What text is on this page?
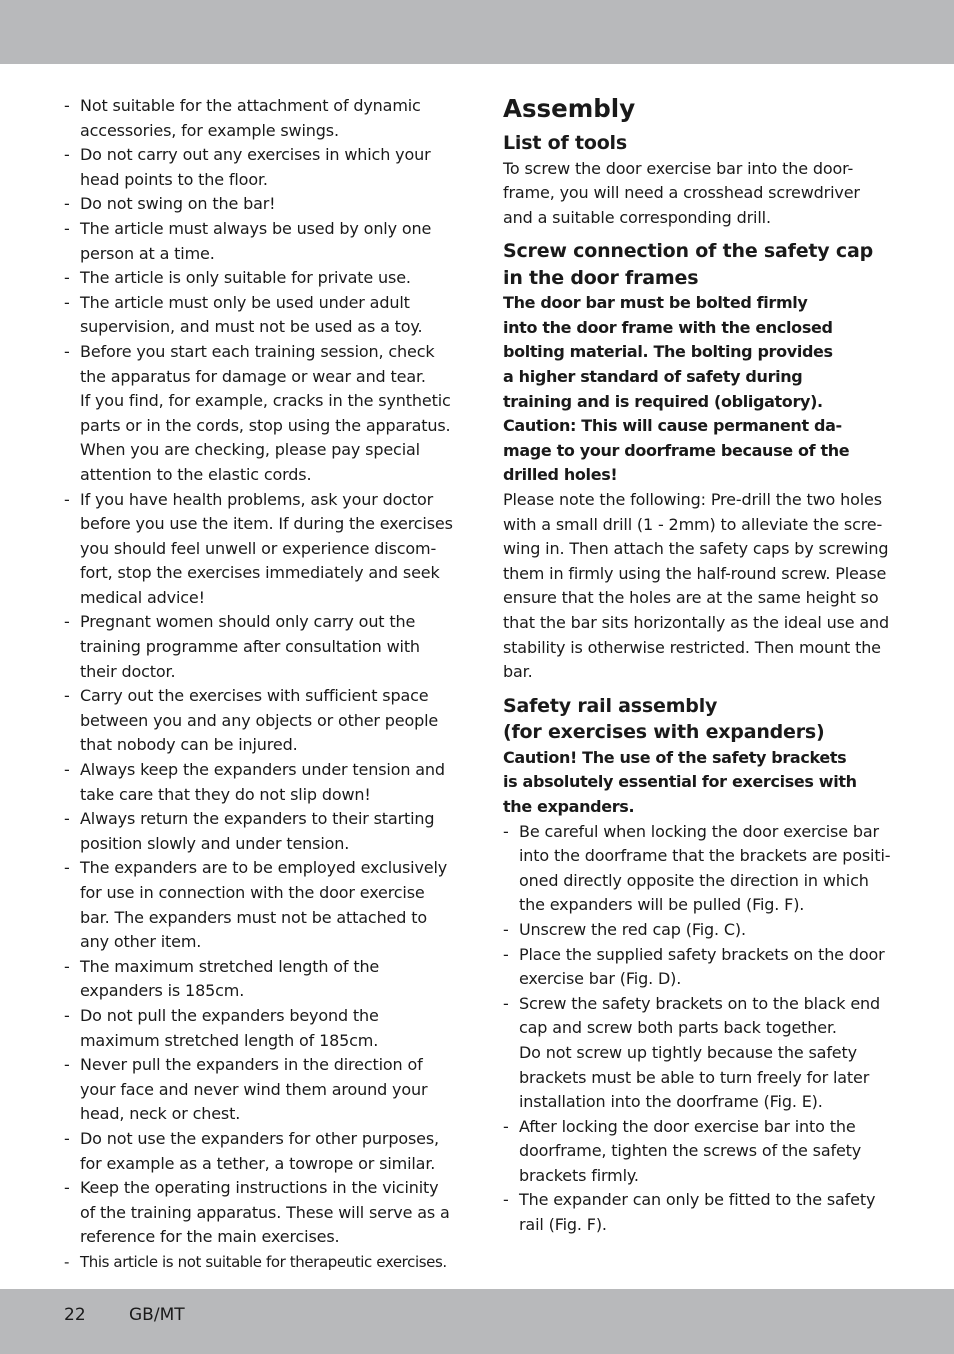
- Not suitable for the attachment of dynamic
accessories, for example swings.
- Do not carry out any exercises in which your
head points to the floor.
- Do not swing on the bar!
- The article must always be used by only one
person at a time.
- The article is only suitable for private use.
- The article must only be used under adult
supervision, and must not be used as a toy.
- Before you start each training session, check
the apparatus for damage or wear and tear.
If you find, for example, cracks in the synthetic
parts or in the cords, stop using the apparatus.
When you are checking, please pay special
attention to the elastic cords.
- If you have health problems, ask your doctor
before you use the item. If during the exercises
you should feel unwell or experience discom-
fort, stop the exercises immediately and seek
medical advice!
- Pregnant women should only carry out the
training programme after consultation with
their doctor.
- Carry out the exercises with sufficient space
between you and any objects or other people
that nobody can be injured.
- Always keep the expanders under tension and
take care that they do not slip down!
- Always return the expanders to their starting
position slowly and under tension.
- The expanders are to be employed exclusively
for use in connection with the door exercise
bar. The expanders must not be attached to
any other item.
- The maximum stretched length of the
expanders is 185cm.
- Do not pull the expanders beyond the
maximum stretched length of 185cm.
- Never pull the expanders in the direction of
your face and never wind them around your
head, neck or chest.
- Do not use the expanders for other purposes,
for example as a tether, a towrope or similar.
- Keep the operating instructions in the vicinity
of the training apparatus. These will serve as a
reference for the main exercises.
- This article is not suitable for therapeutic exercises.
Assembly
List of tools
To screw the door exercise bar into the door-
frame, you will need a crosshead screwdriver
and a suitable corresponding drill.
Screw connection of the safety cap
in the door frames
The door bar must be bolted firmly
into the door frame with the enclosed
bolting material. The bolting provides
a higher standard of safety during
training and is required (obligatory).
Caution: This will cause permanent da-
mage to your doorframe because of the
drilled holes!
Please note the following: Pre-drill the two holes
with a small drill (1 - 2mm) to alleviate the scre-
wing in. Then attach the safety caps by screwing
them in firmly using the half-round screw. Please
ensure that the holes are at the same height so
that the bar sits horizontally as the ideal use and
stability is otherwise restricted. Then mount the
bar.
Safety rail assembly
(for exercises with expanders)
Caution! The use of the safety brackets
is absolutely essential for exercises with
the expanders.
- Be careful when locking the door exercise bar
into the doorframe that the brackets are positi-
oned directly opposite the direction in which
the expanders will be pulled (Fig. F).
- Unscrew the red cap (Fig. C).
- Place the supplied safety brackets on the door
exercise bar (Fig. D).
- Screw the safety brackets on to the black end
cap and screw both parts back together.
Do not screw up tightly because the safety
brackets must be able to turn freely for later
installation into the doorframe (Fig. E).
- After locking the door exercise bar into the
doorframe, tighten the screws of the safety
brackets firmly.
- The expander can only be fitted to the safety
rail (Fig. F).
22	GB/MT
